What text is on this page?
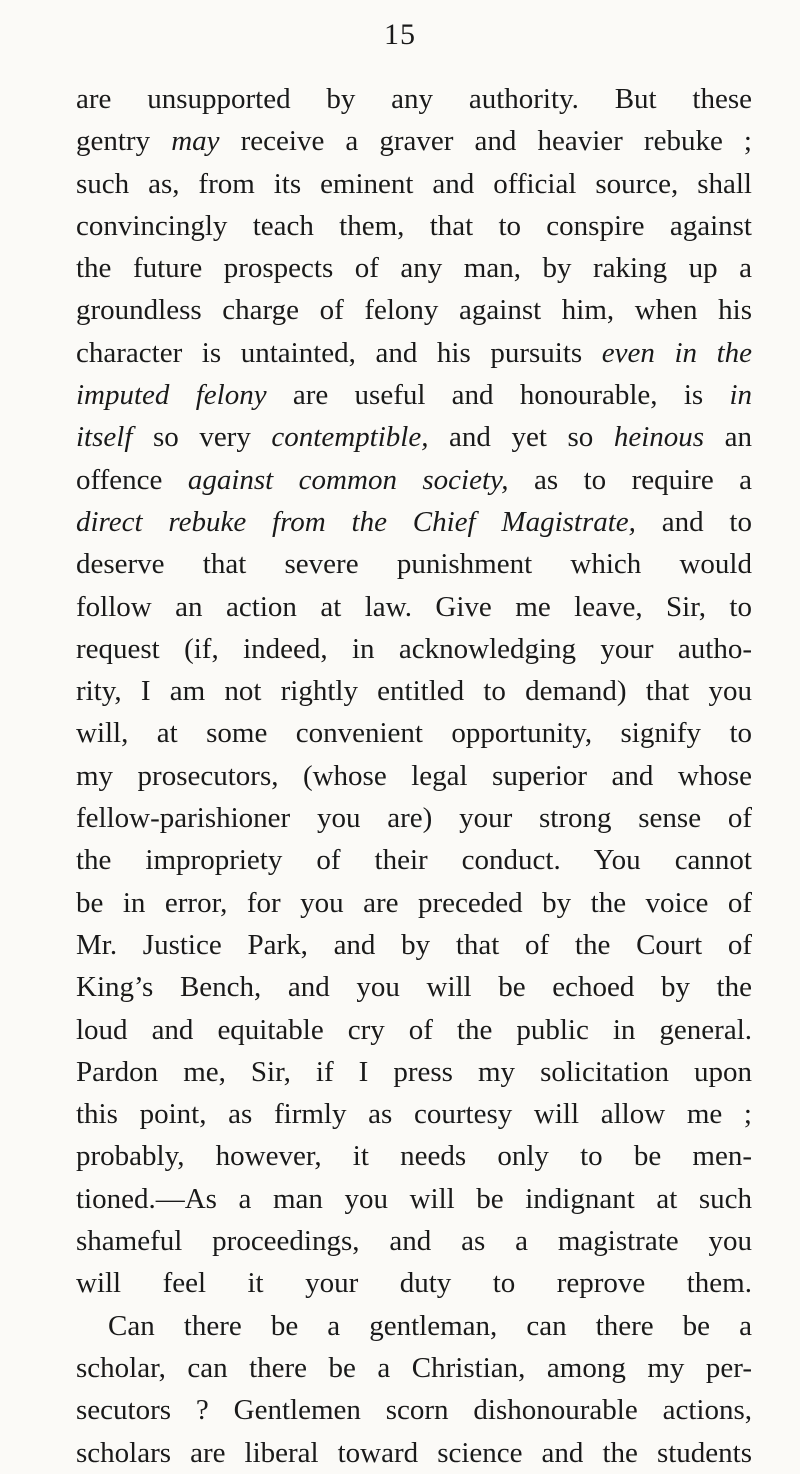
15
are unsupported by any authority. But these
gentry may receive a graver and heavier rebuke ;
such as, from its eminent and official source, shall
convincingly teach them, that to conspire against
the future prospects of any man, by raking up a
groundless charge of felony against him, when his
character is untainted, and his pursuits even in the
imputed felony are useful and honourable, is in
itself so very contemptible, and yet so heinous an
offence against common society, as to require a
direct rebuke from the Chief Magistrate, and to
deserve that severe punishment which would
follow an action at law. Give me leave, Sir, to
request (if, indeed, in acknowledging your autho-
rity, I am not rightly entitled to demand) that you
will, at some convenient opportunity, signify to
my prosecutors, (whose legal superior and whose
fellow-parishioner you are) your strong sense of
the impropriety of their conduct. You cannot
be in error, for you are preceded by the voice of
Mr. Justice Park, and by that of the Court of
King’s Bench, and you will be echoed by the
loud and equitable cry of the public in general.
Pardon me, Sir, if I press my solicitation upon
this point, as firmly as courtesy will allow me ;
probably, however, it needs only to be men-
tioned.—As a man you will be indignant at such
shameful proceedings, and as a magistrate you
will feel it your duty to reprove them.
Can there be a gentleman, can there be a
scholar, can there be a Christian, among my per-
secutors ? Gentlemen scorn dishonourable actions,
scholars are liberal toward science and the students
